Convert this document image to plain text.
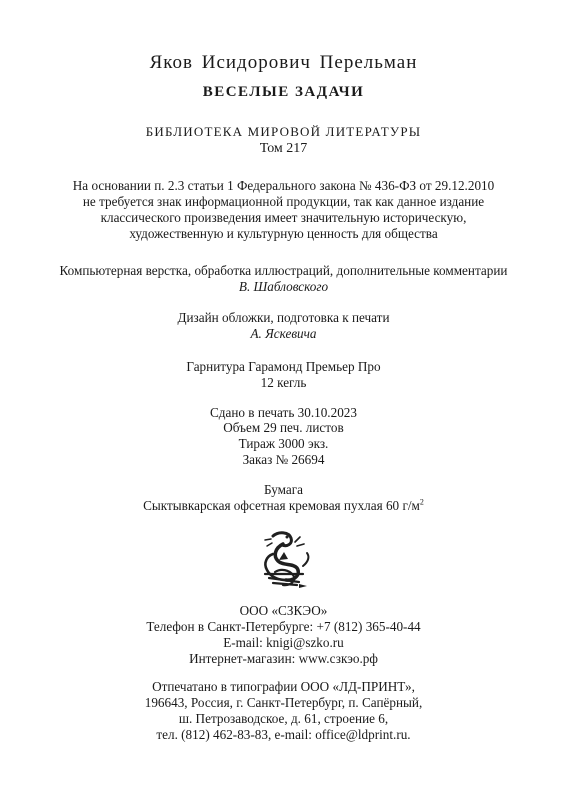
Яков Исидорович Перельман
ВЕСЕЛЫЕ ЗАДАЧИ
БИБЛИОТЕКА МИРОВОЙ ЛИТЕРАТУРЫ
Том 217
На основании п. 2.3 статьи 1 Федерального закона № 436-ФЗ от 29.12.2010
не требуется знак информационной продукции, так как данное издание
классического произведения имеет значительную историческую,
художественную и культурную ценность для общества
Компьютерная верстка, обработка иллюстраций, дополнительные комментарии
В. Шабловского
Дизайн обложки, подготовка к печати
А. Яскевича
Гарнитура Гарамонд Премьер Про
12 кегль
Сдано в печать 30.10.2023
Объем 29 печ. листов
Тираж 3000 экз.
Заказ № 26694
Бумага
Сыктывкарская офсетная кремовая пухлая 60 $г/м^2$
ООО «СЗКЭО»
Телефон в Санкт-Петербурге: +7 (812) 365-40-44
E-mail: knigi@szko.ru
Интернет-магазин: www.сзкэо.рф
Отпечатано в типографии ООО «ЛД-ПРИНТ»,
196643, Россия, г. Санкт-Петербург, п. Сапёрный,
ш. Петрозаводское, д. 61, строение 6,
тел. (812) 462-83-83, e-mail: office@ldprint.ru.
